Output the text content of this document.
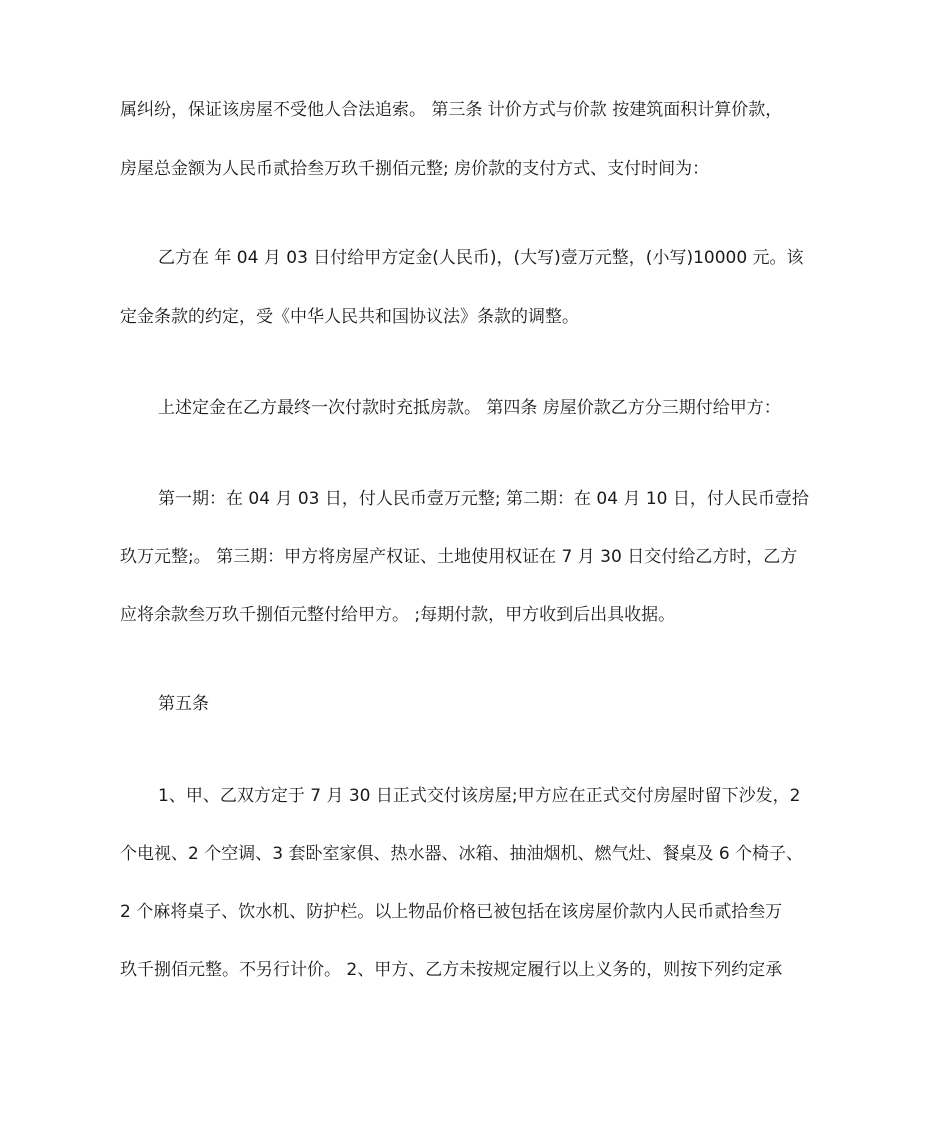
属纠纷，保证该房屋不受他人合法追索。 第三条 计价方式与价款 按建筑面积计算价款，
房屋总金额为人民币贰拾叁万玖千捌佰元整; 房价款的支付方式、支付时间为：
乙方在 年 04 月 03 日付给甲方定金(人民币)，(大写)壹万元整，(小写)10000 元。该
定金条款的约定，受《中华人民共和国协议法》条款的调整。
上述定金在乙方最终一次付款时充抵房款。 第四条 房屋价款乙方分三期付给甲方：
第一期：在 04 月 03 日，付人民币壹万元整; 第二期：在 04 月 10 日，付人民币壹拾
玖万元整;。 第三期：甲方将房屋产权证、土地使用权证在 7 月 30 日交付给乙方时，乙方
应将余款叁万玖千捌佰元整付给甲方。 ;每期付款，甲方收到后出具收据。
第五条
1、甲、乙双方定于 7 月 30 日正式交付该房屋;甲方应在正式交付房屋时留下沙发，2
个电视、2 个空调、3 套卧室家俱、热水器、冰箱、抽油烟机、燃气灶、餐桌及 6 个椅子、
2 个麻将桌子、饮水机、防护栏。以上物品价格已被包括在该房屋价款内人民币贰拾叁万
玖千捌佰元整。不另行计价。 2、甲方、乙方未按规定履行以上义务的，则按下列约定承
